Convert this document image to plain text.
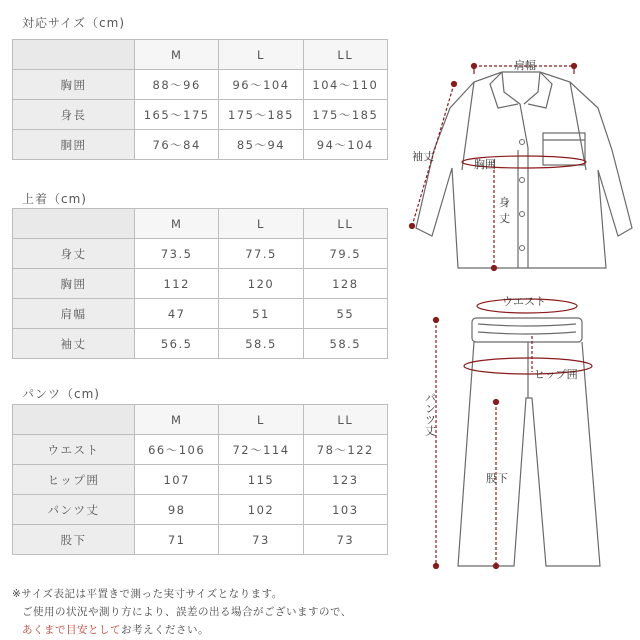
対応サイズ（cm)
	M	L	LL
胸囲	88～96	96～104	104～110
身長	165～175	175～185	175～185
胴囲	76～84	85～94	94～104
上着（cm)
	M	L	LL
身丈	73.5	77.5	79.5
胸囲	112	120	128
肩幅	47	51	55
袖丈	56.5	58.5	58.5
パンツ（cm)
	M	L	LL
ウエスト	66～106	72～114	78～122
ヒップ囲	107	115	123
パンツ丈	98	102	103
股下	71	73	73
※サイズ表記は平置きで測った実寸サイズとなります。
ご使用の状況や測り方により、誤差の出る場合がございますので、
あくまで目安としてお考えください。
肩幅
袖丈
胸囲
身
丈
ウエスト
ヒップ囲
パンツ丈
股下
